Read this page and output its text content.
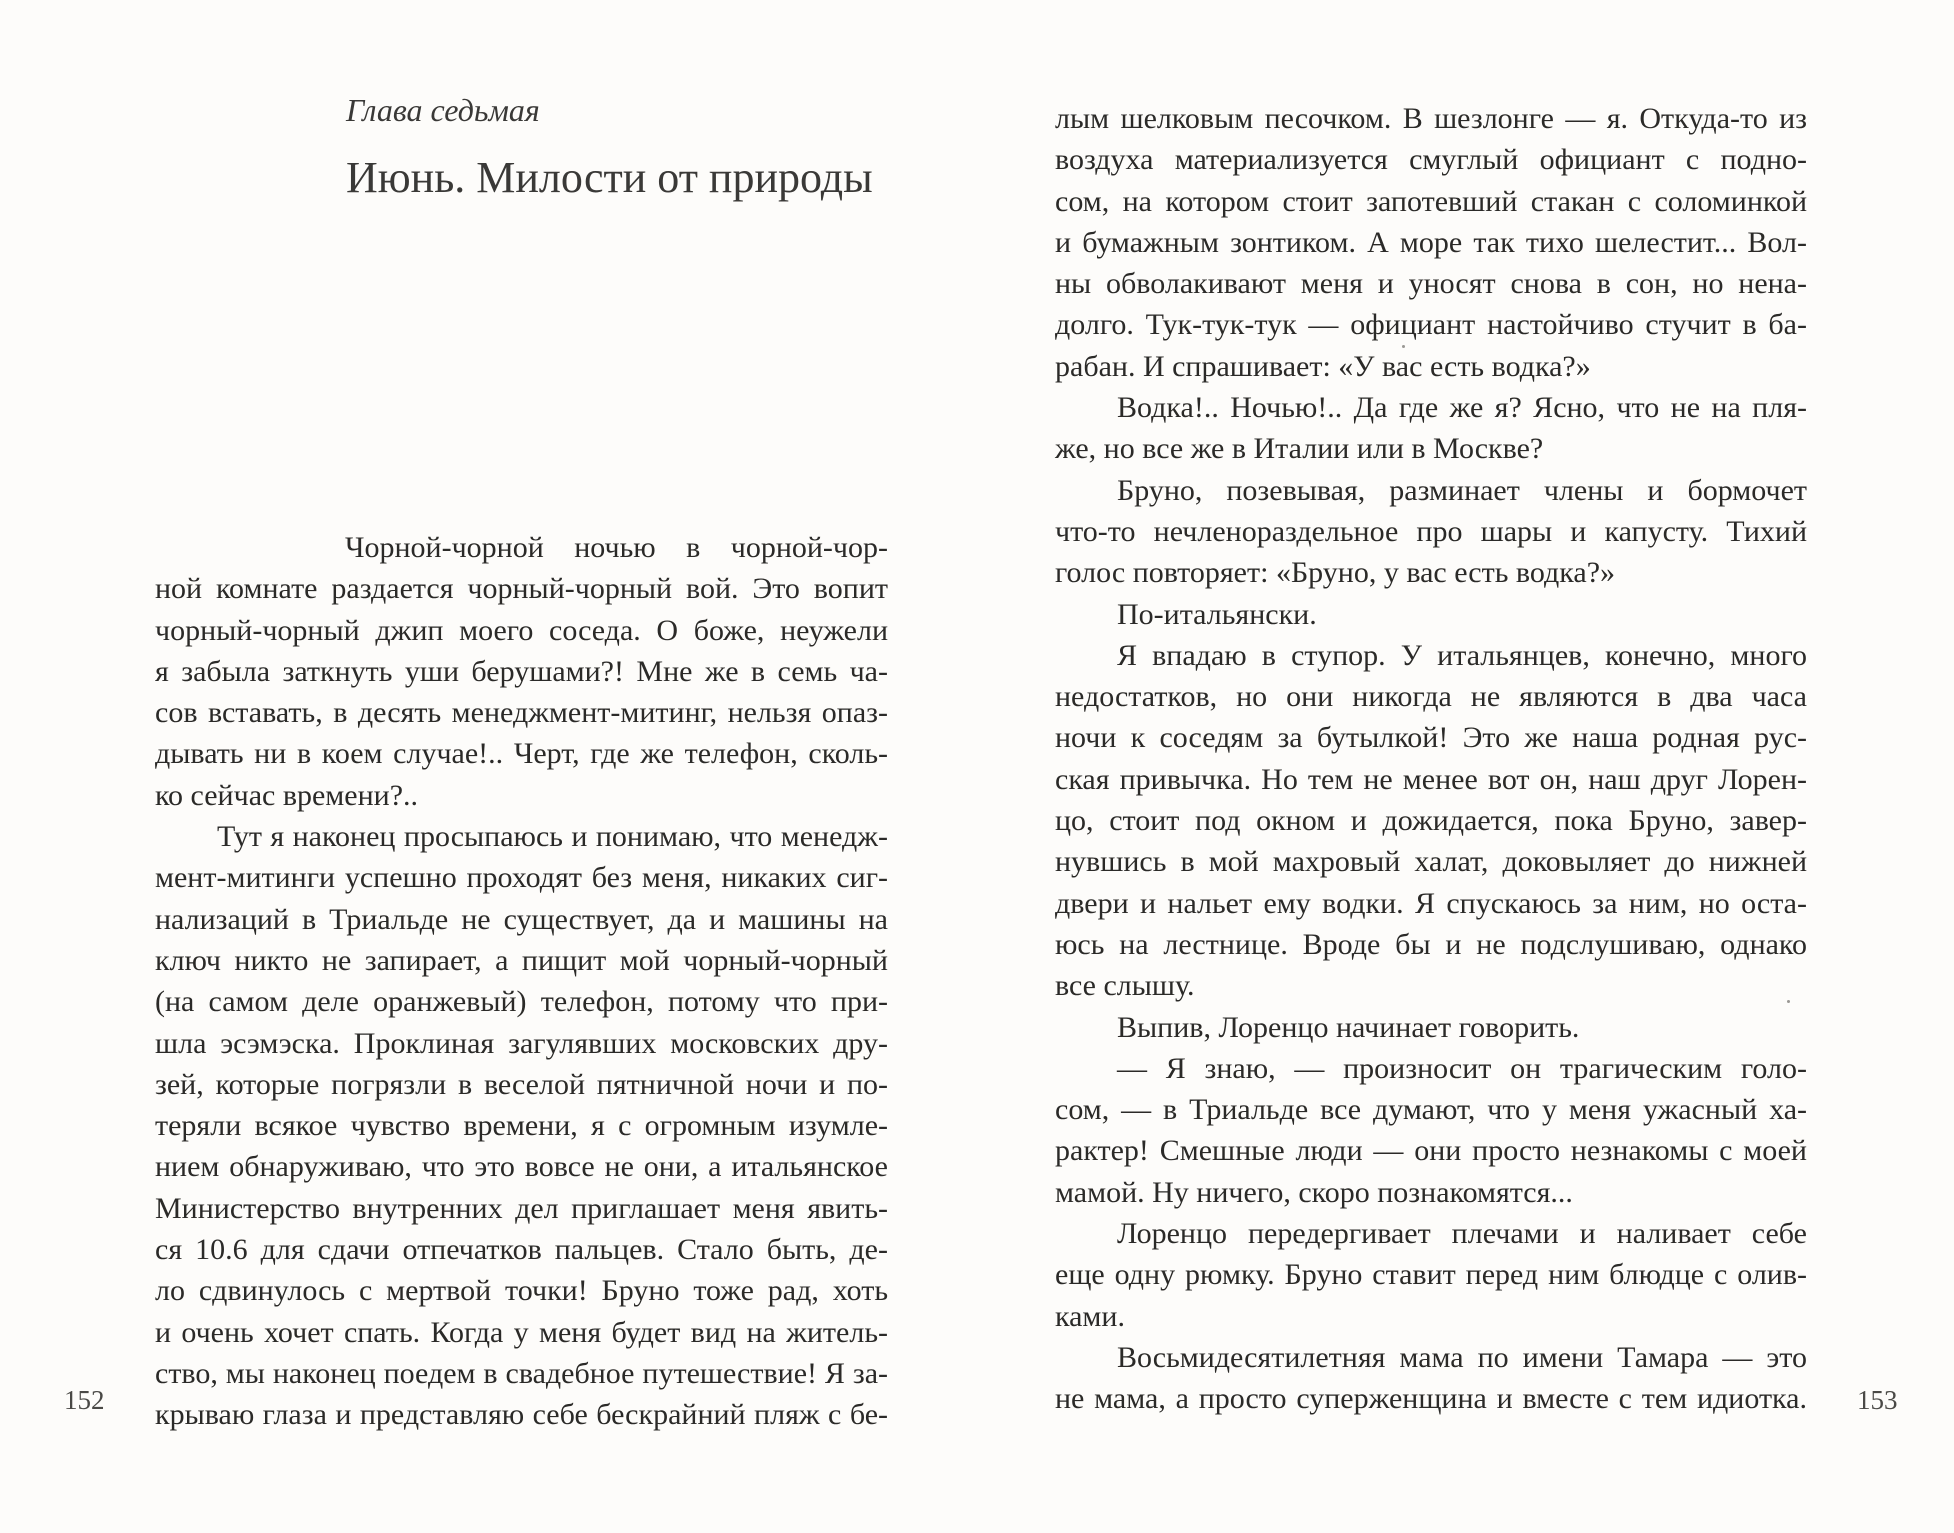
Глава седьмая
Июнь. Милости от природы
Чорной-чорной ночью в чорной-чор-
ной комнате раздается чорный-чорный вой. Это вопит
чорный-чорный джип моего соседа. О боже, неужели
я забыла заткнуть уши берушами?! Мне же в семь ча-
сов вставать, в десять менеджмент-митинг, нельзя опаз-
дывать ни в коем случае!.. Черт, где же телефон, сколь-
ко сейчас времени?..
Тут я наконец просыпаюсь и понимаю, что менедж-
мент-митинги успешно проходят без меня, никаких сиг-
нализаций в Триальде не существует, да и машины на
ключ никто не запирает, а пищит мой чорный-чорный
(на самом деле оранжевый) телефон, потому что при-
шла эсэмэска. Проклиная загулявших московских дру-
зей, которые погрязли в веселой пятничной ночи и по-
теряли всякое чувство времени, я с огромным изумле-
нием обнаруживаю, что это вовсе не они, а итальянское
Министерство внутренних дел приглашает меня явить-
ся 10.6 для сдачи отпечатков пальцев. Стало быть, де-
ло сдвинулось с мертвой точки! Бруно тоже рад, хоть
и очень хочет спать. Когда у меня будет вид на житель-
ство, мы наконец поедем в свадебное путешествие! Я за-
крываю глаза и представляю себе бескрайний пляж с бе-
152
лым шелковым песочком. В шезлонге — я. Откуда-то из
воздуха материализуется смуглый официант с подно-
сом, на котором стоит запотевший стакан с соломинкой
и бумажным зонтиком. А море так тихо шелестит... Вол-
ны обволакивают меня и уносят снова в сон, но нена-
долго. Тук-тук-тук — официант настойчиво стучит в ба-
рабан. И спрашивает: «У вас есть водка?»
Водка!.. Ночью!.. Да где же я? Ясно, что не на пля-
же, но все же в Италии или в Москве?
Бруно, позевывая, разминает члены и бормочет
что-то нечленораздельное про шары и капусту. Тихий
голос повторяет: «Бруно, у вас есть водка?»
По-итальянски.
Я впадаю в ступор. У итальянцев, конечно, много
недостатков, но они никогда не являются в два часа
ночи к соседям за бутылкой! Это же наша родная рус-
ская привычка. Но тем не менее вот он, наш друг Лорен-
цо, стоит под окном и дожидается, пока Бруно, завер-
нувшись в мой махровый халат, доковыляет до нижней
двери и нальет ему водки. Я спускаюсь за ним, но оста-
юсь на лестнице. Вроде бы и не подслушиваю, однако
все слышу.
Выпив, Лоренцо начинает говорить.
— Я знаю, — произносит он трагическим голо-
сом, — в Триальде все думают, что у меня ужасный ха-
рактер! Смешные люди — они просто незнакомы с моей
мамой. Ну ничего, скоро познакомятся...
Лоренцо передергивает плечами и наливает себе
еще одну рюмку. Бруно ставит перед ним блюдце с олив-
ками.
Восьмидесятилетняя мама по имени Тамара — это
не мама, а просто суперженщина и вместе с тем идиотка. 153
